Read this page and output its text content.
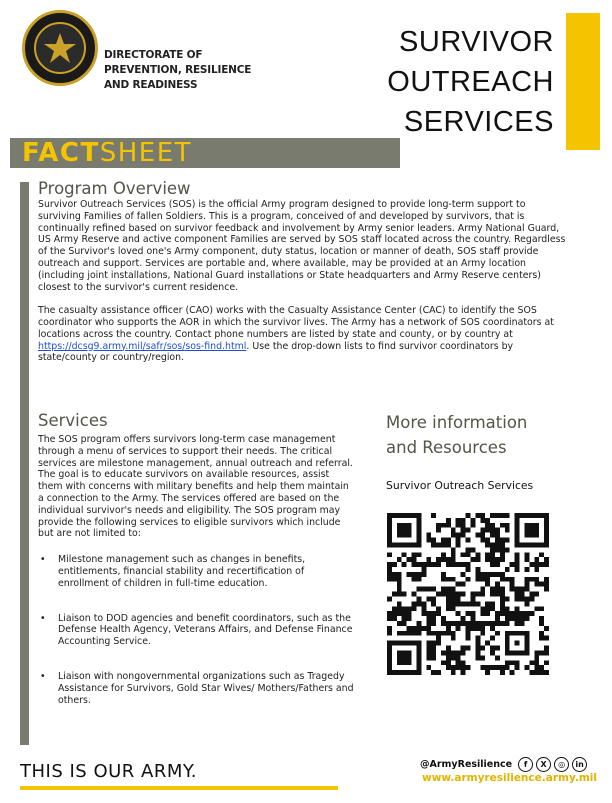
DIRECTORATE OF
PREVENTION, RESILIENCE
AND READINESS
SURVIVOR
OUTREACH
SERVICES
FACT SHEET
Program Overview

Survivor Outreach Services (SOS) is the official Army program designed to provide long-term support to surviving Families of fallen Soldiers. This is a program, conceived of and developed by survivors, that is continually refined based on survivor feedback and involvement by Army senior leaders. Army National Guard, US Army Reserve and active component Families are served by SOS staff located across the country. Regardless of the Survivor's loved one's Army component, duty status, location or manner of death, SOS staff provide outreach and support. Services are portable and, where available, may be provided at an Army location (including joint installations, National Guard installations or State headquarters and Army Reserve centers) closest to the survivor's current residence.

The casualty assistance officer (CAO) works with the Casualty Assistance Center (CAC) to identify the SOS coordinator who supports the AOR in which the survivor lives. The Army has a network of SOS coordinators at locations across the country. Contact phone numbers are listed by state and county, or by country at https://dcsg9.army.mil/safr/sos/sos-find.html. Use the drop-down lists to find survivor coordinators by state/county or country/region.

Services

The SOS program offers survivors long-term case management through a menu of services to support their needs. The critical services are milestone management, annual outreach and referral. The goal is to educate survivors on available resources, assist them with concerns with military benefits and help them maintain a connection to the Army. The services offered are based on the individual survivor's needs and eligibility. The SOS program may provide the following services to eligible survivors which include but are not limited to:

• Milestone management such as changes in benefits, entitlements, financial stability and recertification of enrollment of children in full-time education.
• Liaison to DOD agencies and benefit coordinators, such as the Defense Health Agency, Veterans Affairs, and Defense Finance Accounting Service.
• Liaison with nongovernmental organizations such as Tragedy Assistance for Survivors, Gold Star Wives/ Mothers/Fathers and others.
More information
and Resources
Survivor Outreach Services
THIS IS OUR ARMY.	@ArmyResilience	f	X	◎	in
www.armyresilience.army.mil
